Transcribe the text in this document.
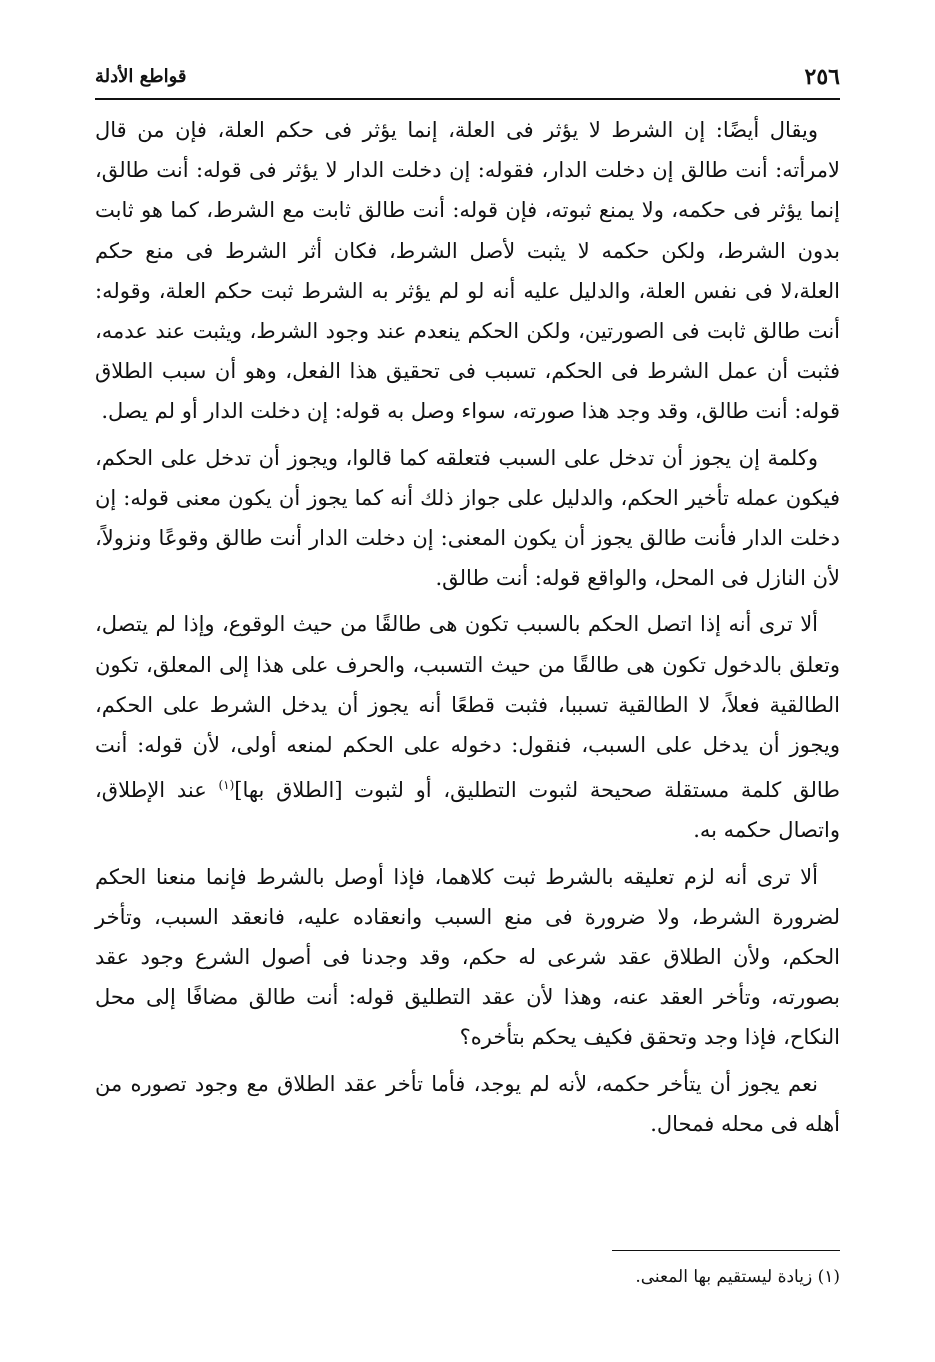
٢٥٦
قواطع الأدلة

ويقال أيضًا: إن الشرط لا يؤثر فى العلة، إنما يؤثر فى حكم العلة، فإن من قال لامرأته: أنت طالق إن دخلت الدار، فقوله: إن دخلت الدار لا يؤثر فى قوله: أنت طالق، إنما يؤثر فى حكمه، ولا يمنع ثبوته، فإن قوله: أنت طالق ثابت مع الشرط، كما هو ثابت بدون الشرط، ولكن حكمه لا يثبت لأصل الشرط، فكان أثر الشرط فى منع حكم العلة،لا فى نفس العلة، والدليل عليه أنه لو لم يؤثر به الشرط ثبت حكم العلة، وقوله: أنت طالق ثابت فى الصورتين، ولكن الحكم ينعدم عند وجود الشرط، ويثبت عند عدمه، فثبت أن عمل الشرط فى الحكم، تسبب فى تحقيق هذا الفعل، وهو أن سبب الطلاق قوله: أنت طالق، وقد وجد هذا صورته، سواء وصل به قوله: إن دخلت الدار أو لم يصل.

وكلمة إن يجوز أن تدخل على السبب فتعلقه كما قالوا، ويجوز أن تدخل على الحكم، فيكون عمله تأخير الحكم، والدليل على جواز ذلك أنه كما يجوز أن يكون معنى قوله: إن دخلت الدار فأنت طالق يجوز أن يكون المعنى: إن دخلت الدار أنت طالق وقوعًا ونزولاً، لأن النازل فى المحل، والواقع قوله: أنت طالق.

ألا ترى أنه إذا اتصل الحكم بالسبب تكون هى طالقًا من حيث الوقوع، وإذا لم يتصل، وتعلق بالدخول تكون هى طالقًا من حيث التسبب، والحرف على هذا إلى المعلق، تكون الطالقية فعلاً، لا الطالقية تسببا، فثبت قطعًا أنه يجوز أن يدخل الشرط على الحكم، ويجوز أن يدخل على السبب، فنقول: دخوله على الحكم لمنعه أولى، لأن قوله: أنت طالق كلمة مستقلة صحيحة لثبوت التطليق، أو لثبوت [الطلاق بها]$^{(١)}$ عند الإطلاق، واتصال حكمه به.

ألا ترى أنه لزم تعليقه بالشرط ثبت كلاهما، فإذا أوصل بالشرط فإنما منعنا الحكم لضرورة الشرط، ولا ضرورة فى منع السبب وانعقاده عليه، فانعقد السبب، وتأخر الحكم، ولأن الطلاق عقد شرعى له حكم، وقد وجدنا فى أصول الشرع وجود عقد بصورته، وتأخر العقد عنه، وهذا لأن عقد التطليق قوله: أنت طالق مضافًا إلى محل النكاح، فإذا وجد وتحقق فكيف يحكم بتأخره؟

نعم يجوز أن يتأخر حكمه، لأنه لم يوجد، فأما تأخر عقد الطلاق مع وجود تصوره من أهله فى محله فمحال.

(١) زيادة ليستقيم بها المعنى.
